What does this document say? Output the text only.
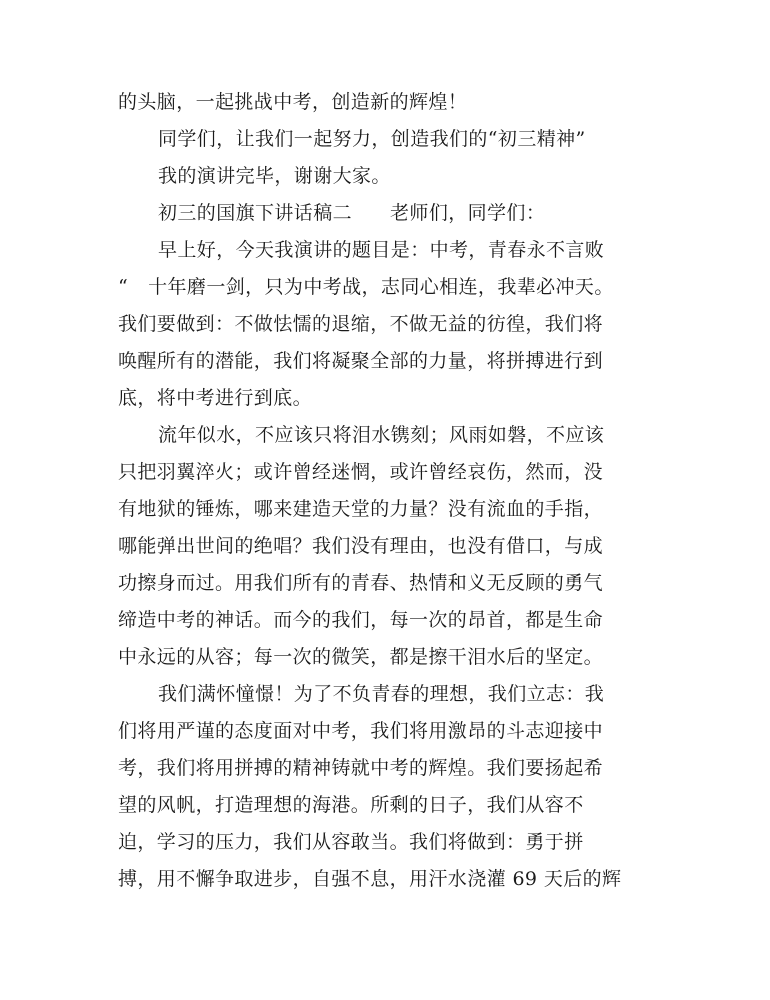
的头脑，一起挑战中考，创造新的辉煌！
同学们，让我们一起努力，创造我们的“初三精神”
我的演讲完毕，谢谢大家。
初三的国旗下讲话稿二 老师们，同学们：
早上好，今天我演讲的题目是：中考，青春永不言败
“ 十年磨一剑，只为中考战，志同心相连，我辈必冲天。
我们要做到：不做怯懦的退缩，不做无益的彷徨，我们将
唤醒所有的潜能，我们将凝聚全部的力量，将拼搏进行到
底，将中考进行到底。
流年似水，不应该只将泪水镌刻；风雨如磐，不应该
只把羽翼淬火；或许曾经迷惘，或许曾经哀伤，然而，没
有地狱的锤炼，哪来建造天堂的力量？没有流血的手指，
哪能弹出世间的绝唱？我们没有理由，也没有借口，与成
功擦身而过。用我们所有的青春、热情和义无反顾的勇气
缔造中考的神话。而今的我们，每一次的昂首，都是生命
中永远的从容；每一次的微笑，都是擦干泪水后的坚定。
我们满怀憧憬！为了不负青春的理想，我们立志：我
们将用严谨的态度面对中考，我们将用激昂的斗志迎接中
考，我们将用拼搏的精神铸就中考的辉煌。我们要扬起希
望的风帆，打造理想的海港。所剩的日子，我们从容不
迫，学习的压力，我们从容敢当。我们将做到：勇于拼
搏，用不懈争取进步，自强不息，用汗水浇灌 69 天后的辉
